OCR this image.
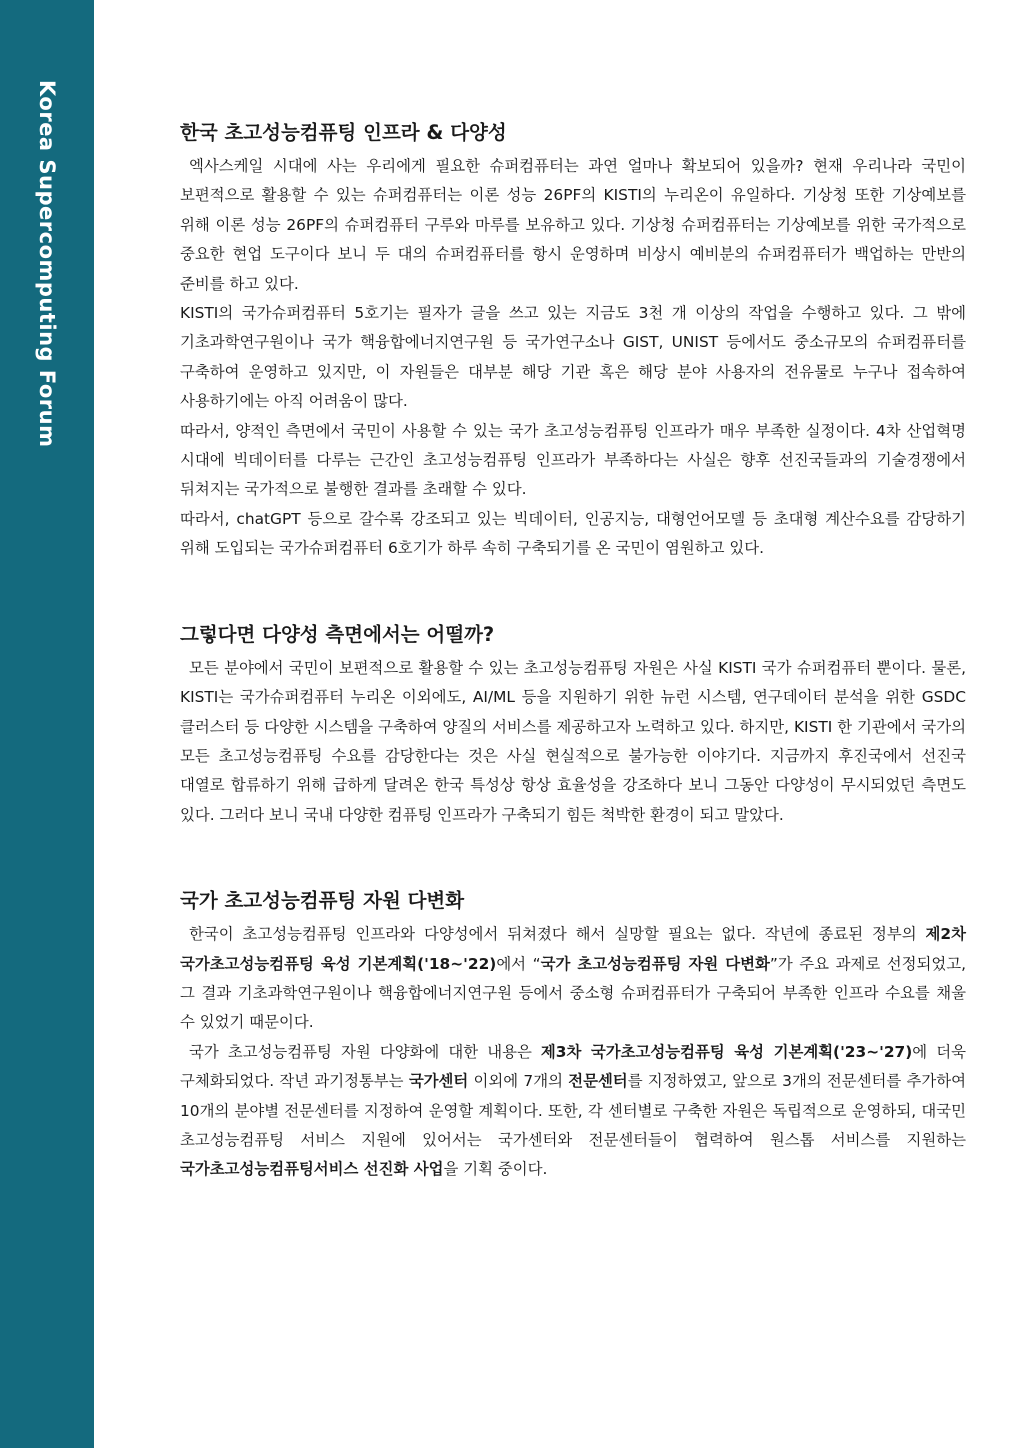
Korea Supercomputing Forum	한국 초고성능컴퓨팅 인프라 & 다양성

엑사스케일 시대에 사는 우리에게 필요한 슈퍼컴퓨터는 과연 얼마나 확보되어 있을까? 현재 우리나라 국민이 보편적으로 활용할 수 있는 슈퍼컴퓨터는 이론 성능 26PF의 KISTI의 누리온이 유일하다. 기상청 또한 기상예보를 위해 이론 성능 26PF의 슈퍼컴퓨터 구루와 마루를 보유하고 있다. 기상청 슈퍼컴퓨터는 기상예보를 위한 국가적으로 중요한 현업 도구이다 보니 두 대의 슈퍼컴퓨터를 항시 운영하며 비상시 예비분의 슈퍼컴퓨터가 백업하는 만반의 준비를 하고 있다.

KISTI의 국가슈퍼컴퓨터 5호기는 필자가 글을 쓰고 있는 지금도 3천 개 이상의 작업을 수행하고 있다. 그 밖에 기초과학연구원이나 국가 핵융합에너지연구원 등 국가연구소나 GIST, UNIST 등에서도 중소규모의 슈퍼컴퓨터를 구축하여 운영하고 있지만, 이 자원들은 대부분 해당 기관 혹은 해당 분야 사용자의 전유물로 누구나 접속하여 사용하기에는 아직 어려움이 많다.

따라서, 양적인 측면에서 국민이 사용할 수 있는 국가 초고성능컴퓨팅 인프라가 매우 부족한 실정이다. 4차 산업혁명 시대에 빅데이터를 다루는 근간인 초고성능컴퓨팅 인프라가 부족하다는 사실은 향후 선진국들과의 기술경쟁에서 뒤쳐지는 국가적으로 불행한 결과를 초래할 수 있다.

따라서, chatGPT 등으로 갈수록 강조되고 있는 빅데이터, 인공지능, 대형언어모델 등 초대형 계산수요를 감당하기 위해 도입되는 국가슈퍼컴퓨터 6호기가 하루 속히 구축되기를 온 국민이 염원하고 있다.

그렇다면 다양성 측면에서는 어떨까?

모든 분야에서 국민이 보편적으로 활용할 수 있는 초고성능컴퓨팅 자원은 사실 KISTI 국가 슈퍼컴퓨터 뿐이다. 물론, KISTI는 국가슈퍼컴퓨터 누리온 이외에도, AI/ML 등을 지원하기 위한 뉴런 시스템, 연구데이터 분석을 위한 GSDC 클러스터 등 다양한 시스템을 구축하여 양질의 서비스를 제공하고자 노력하고 있다. 하지만, KISTI 한 기관에서 국가의 모든 초고성능컴퓨팅 수요를 감당한다는 것은 사실 현실적으로 불가능한 이야기다. 지금까지 후진국에서 선진국 대열로 합류하기 위해 급하게 달려온 한국 특성상 항상 효율성을 강조하다 보니 그동안 다양성이 무시되었던 측면도 있다. 그러다 보니 국내 다양한 컴퓨팅 인프라가 구축되기 힘든 척박한 환경이 되고 말았다.

국가 초고성능컴퓨팅 자원 다변화

한국이 초고성능컴퓨팅 인프라와 다양성에서 뒤쳐졌다 해서 실망할 필요는 없다. 작년에 종료된 정부의 제2차 국가초고성능컴퓨팅 육성 기본계획('18~'22)에서 “국가 초고성능컴퓨팅 자원 다변화”가 주요 과제로 선정되었고, 그 결과 기초과학연구원이나 핵융합에너지연구원 등에서 중소형 슈퍼컴퓨터가 구축되어 부족한 인프라 수요를 채울 수 있었기 때문이다.

국가 초고성능컴퓨팅 자원 다양화에 대한 내용은 제3차 국가초고성능컴퓨팅 육성 기본계획('23~'27)에 더욱 구체화되었다. 작년 과기정통부는 국가센터 이외에 7개의 전문센터를 지정하였고, 앞으로 3개의 전문센터를 추가하여 10개의 분야별 전문센터를 지정하여 운영할 계획이다. 또한, 각 센터별로 구축한 자원은 독립적으로 운영하되, 대국민 초고성능컴퓨팅 서비스 지원에 있어서는 국가센터와 전문센터들이 협력하여 원스톱 서비스를 지원하는 국가초고성능컴퓨팅서비스 선진화 사업을 기획 중이다.
